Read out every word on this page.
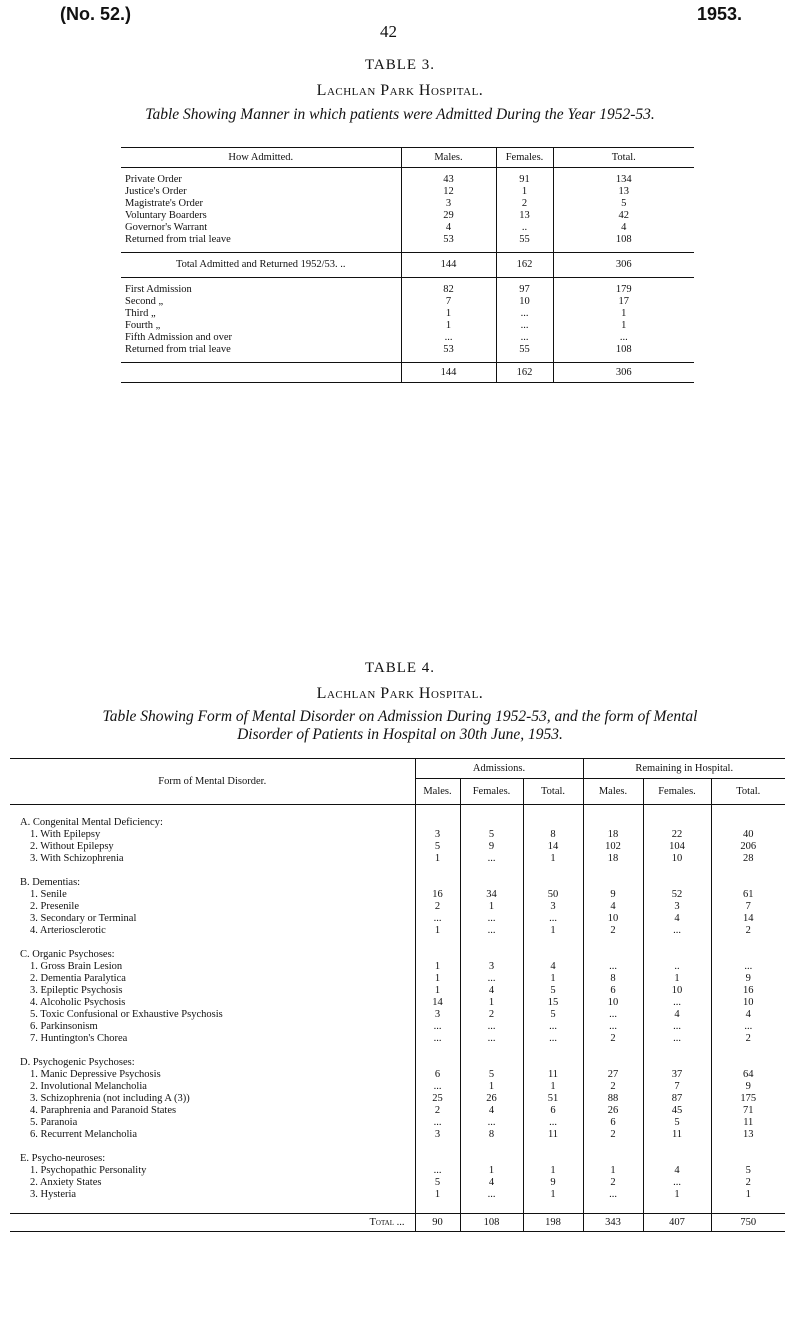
(No. 52.)
42
1953.
TABLE 3.
Lachlan Park Hospital.
Table Showing Manner in which patients were Admitted During the Year 1952-53.
How Admitted.	Males.	Females.	Total.

Private Order	43	91	134
Justice's Order	12	1	13
Magistrate's Order	3	2	5
Voluntary Boarders	29	13	42
Governor's Warrant	4	..	4
Returned from trial leave	53	55	108

Total Admitted and Returned 1952/53. ..	144	162	306

First Admission	82	97	179
Second „	7	10	17
Third „	1	...	1
Fourth „	1	...	1
Fifth Admission and over	...	...	...
Returned from trial leave	53	55	108

	144	162	306
TABLE 4.
Lachlan Park Hospital.
Table Showing Form of Mental Disorder on Admission During 1952-53, and the form of Mental
Disorder of Patients in Hospital on 30th June, 1953.
Form of Mental Disorder.	Admissions.			Remaining in Hospital.		
	Males.	Females.	Total.	Males.	Females.	Total.

A. Congenital Mental Deficiency:						
1. With Epilepsy	3	5	8	18	22	40
2. Without Epilepsy	5	9	14	102	104	206
3. With Schizophrenia	1	...	1	18	10	28

B. Dementias:						
1. Senile	16	34	50	9	52	61
2. Presenile	2	1	3	4	3	7
3. Secondary or Terminal	...	...	...	10	4	14
4. Arteriosclerotic	1	...	1	2	...	2

C. Organic Psychoses:						
1. Gross Brain Lesion	1	3	4	...	..	...
2. Dementia Paralytica	1	...	1	8	1	9
3. Epileptic Psychosis	1	4	5	6	10	16
4. Alcoholic Psychosis	14	1	15	10	...	10
5. Toxic Confusional or Exhaustive Psychosis	3	2	5	...	4	4
6. Parkinsonism	...	...	...	...	...	...
7. Huntington's Chorea	...	...	...	2	...	2

D. Psychogenic Psychoses:						
1. Manic Depressive Psychosis	6	5	11	27	37	64
2. Involutional Melancholia	...	1	1	2	7	9
3. Schizophrenia (not including A (3))	25	26	51	88	87	175
4. Paraphrenia and Paranoid States	2	4	6	26	45	71
5. Paranoia	...	...	...	6	5	11
6. Recurrent Melancholia	3	8	11	2	11	13

E. Psycho-neuroses:						
1. Psychopathic Personality	...	1	1	1	4	5
2. Anxiety States	5	4	9	2	...	2
3. Hysteria	1	...	1	...	1	1

Total ...	90	108	198	343	407	750
